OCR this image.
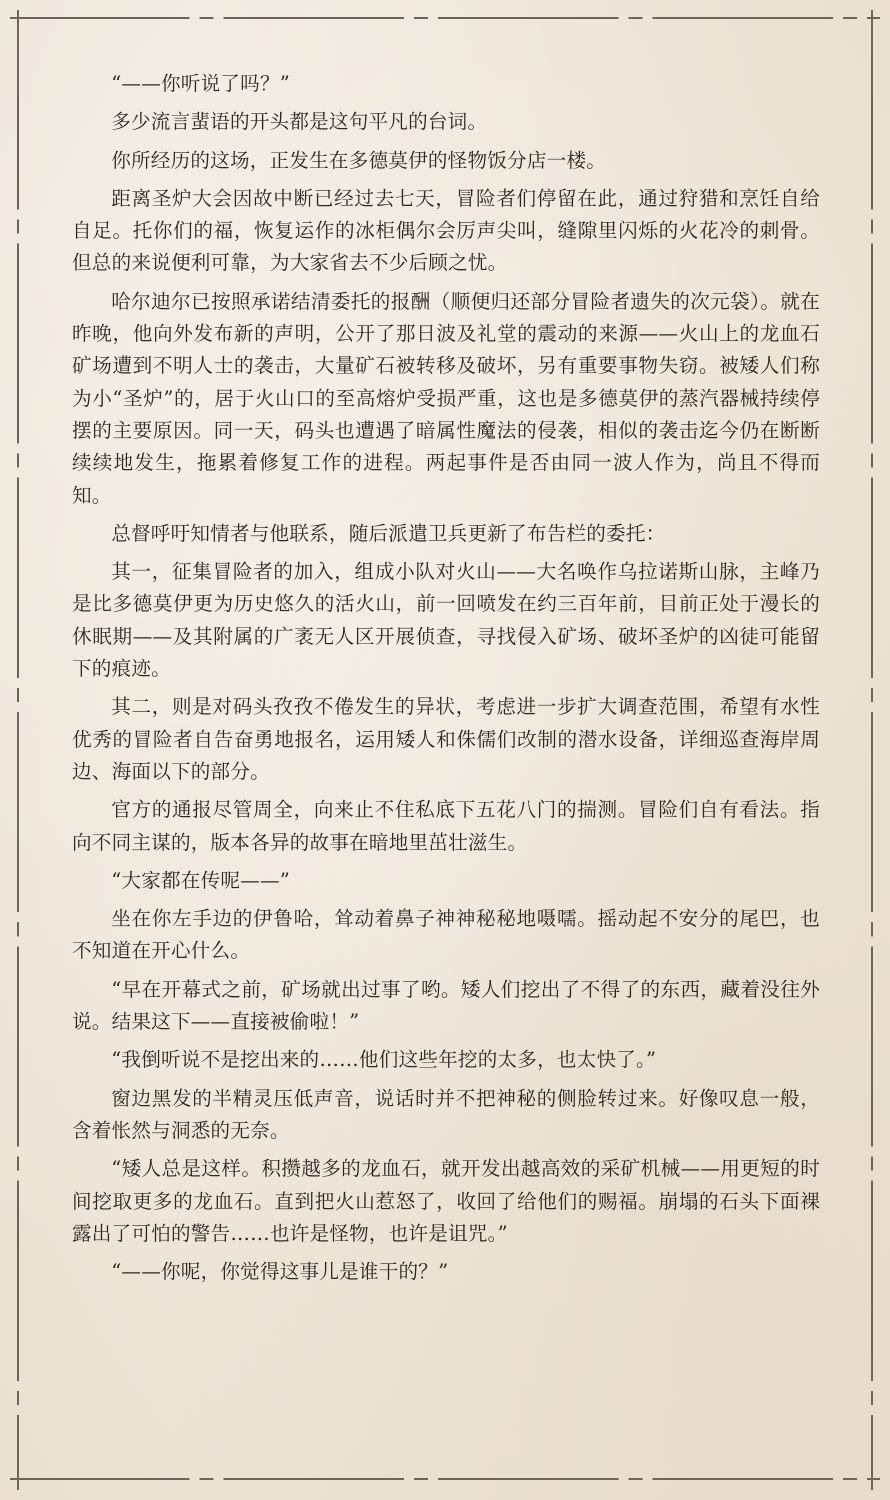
“——你听说了吗？”

多少流言蜚语的开头都是这句平凡的台词。

你所经历的这场，正发生在多德莫伊的怪物饭分店一楼。

距离圣炉大会因故中断已经过去七天，冒险者们停留在此，通过狩猎和烹饪自给自足。托你们的福，恢复运作的冰柜偶尔会厉声尖叫，缝隙里闪烁的火花冷的刺骨。但总的来说便利可靠，为大家省去不少后顾之忧。

哈尔迪尔已按照承诺结清委托的报酬（顺便归还部分冒险者遗失的次元袋）。就在昨晚，他向外发布新的声明，公开了那日波及礼堂的震动的来源——火山上的龙血石矿场遭到不明人士的袭击，大量矿石被转移及破坏，另有重要事物失窃。被矮人们称为小“圣炉”的，居于火山口的至高熔炉受损严重，这也是多德莫伊的蒸汽器械持续停摆的主要原因。同一天，码头也遭遇了暗属性魔法的侵袭，相似的袭击迄今仍在断断续续地发生，拖累着修复工作的进程。两起事件是否由同一波人作为，尚且不得而知。

总督呼吁知情者与他联系，随后派遣卫兵更新了布告栏的委托：

其一，征集冒险者的加入，组成小队对火山——大名唤作乌拉诺斯山脉，主峰乃是比多德莫伊更为历史悠久的活火山，前一回喷发在约三百年前，目前正处于漫长的休眠期——及其附属的广袤无人区开展侦查，寻找侵入矿场、破坏圣炉的凶徒可能留下的痕迹。

其二，则是对码头孜孜不倦发生的异状，考虑进一步扩大调查范围，希望有水性优秀的冒险者自告奋勇地报名，运用矮人和侏儒们改制的潜水设备，详细巡查海岸周边、海面以下的部分。

官方的通报尽管周全，向来止不住私底下五花八门的揣测。冒险们自有看法。指向不同主谋的，版本各异的故事在暗地里茁壮滋生。

“大家都在传呢——”

坐在你左手边的伊鲁哈，耸动着鼻子神神秘秘地嗫嚅。摇动起不安分的尾巴，也不知道在开心什么。

“早在开幕式之前，矿场就出过事了哟。矮人们挖出了不得了的东西，藏着没往外说。结果这下——直接被偷啦！”

“我倒听说不是挖出来的……他们这些年挖的太多，也太快了。”

窗边黑发的半精灵压低声音，说话时并不把神秘的侧脸转过来。好像叹息一般，含着怅然与洞悉的无奈。

“矮人总是这样。积攒越多的龙血石，就开发出越高效的采矿机械——用更短的时间挖取更多的龙血石。直到把火山惹怒了，收回了给他们的赐福。崩塌的石头下面裸露出了可怕的警告……也许是怪物，也许是诅咒。”

“——你呢，你觉得这事儿是谁干的？”
